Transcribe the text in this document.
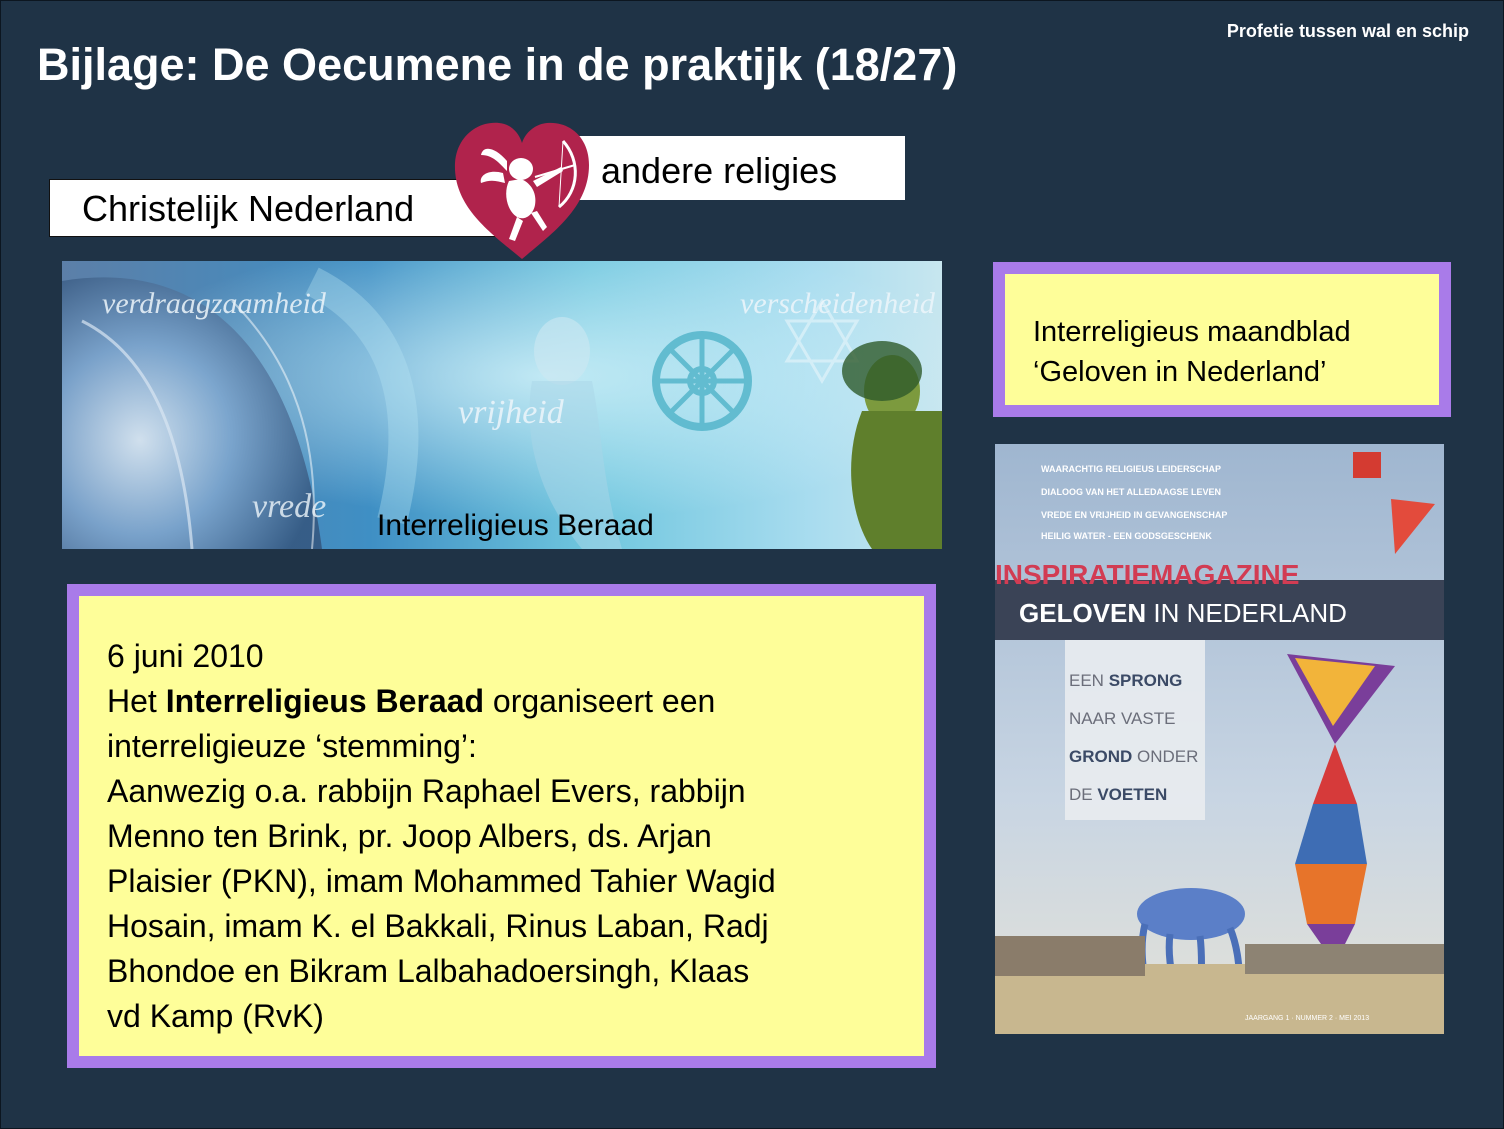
Bijlage: De Oecumene in de praktijk (18/27)
Profetie tussen wal en schip
andere religies
Christelijk Nederland
verdraagzaamheid	verscheidenheid
vrijheid
vrede
Interreligieus Beraad
Interreligieus maandblad
‘Geloven in Nederland’

6 juni 2010

Het Interreligieus Beraad organiseert een

interreligieuze ‘stemming’:

Aanwezig o.a. rabbijn Raphael Evers, rabbijn

Menno ten Brink, pr. Joop Albers, ds. Arjan

Plaisier (PKN), imam Mohammed Tahier Wagid

Hosain, imam K. el Bakkali, Rinus Laban, Radj

Bhondoe en Bikram Lalbahadoersingh, Klaas

vd Kamp (RvK)

WAARACHTIG RELIGIEUS LEIDERSCHAP
DIALOOG VAN HET ALLEDAAGSE LEVEN
VREDE EN VRIJHEID IN GEVANGENSCHAP
HEILIG WATER - EEN GODSGESCHENK
INSPIRATIEMAGAZINE
GELOVEN IN NEDERLAND
EEN SPRONG
NAAR VASTE
GROND ONDER
DE VOETEN
JAARGANG 1 · NUMMER 2 · MEI 2013
